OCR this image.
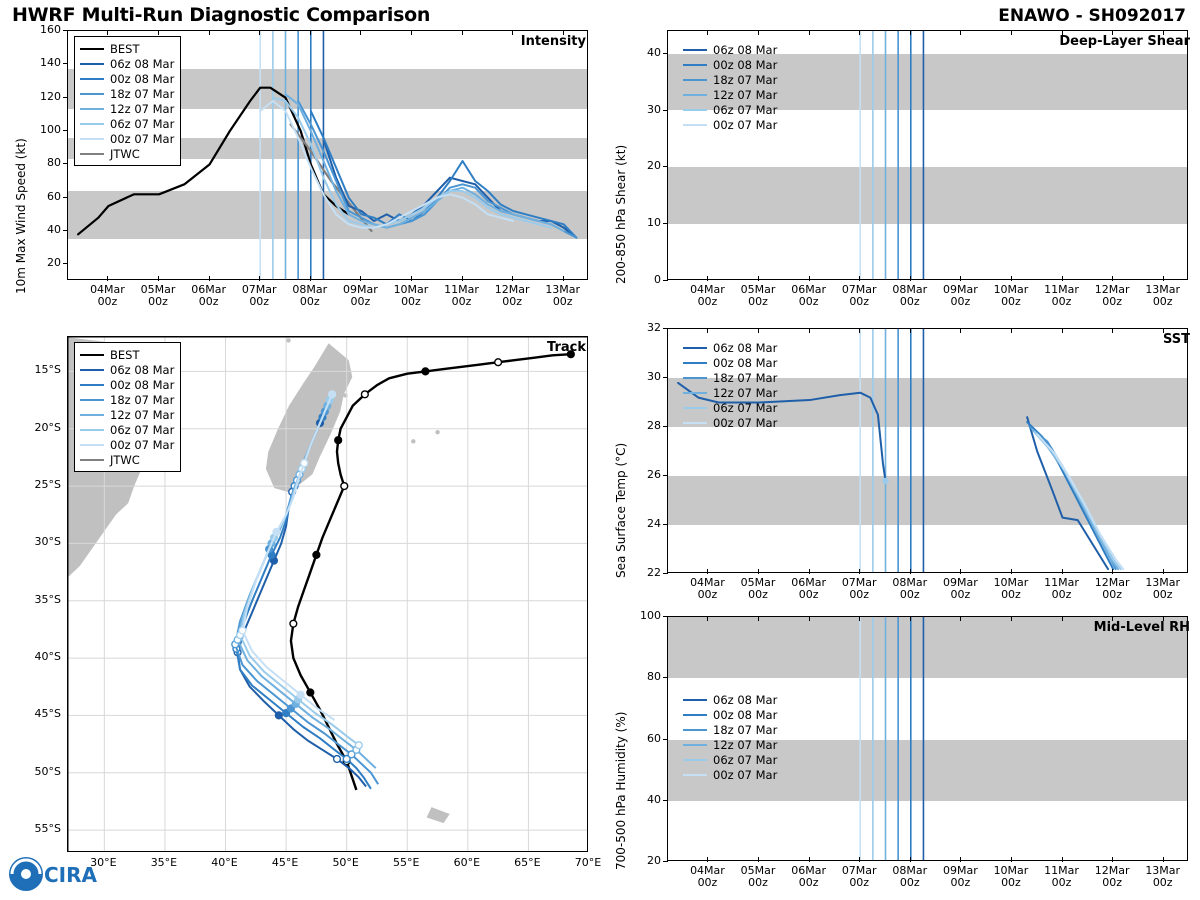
HWRF Multi-Run Diagnostic Comparison	ENAWO - SH092017
10m Max Wind Speed (kt)
Intensity
BEST
06z 08 Mar
00z 08 Mar
18z 07 Mar
12z 07 Mar
06z 07 Mar
00z 07 Mar
JTWC
20
40
60
80
100
120
140
160
04Mar
00z
05Mar
00z
06Mar
00z
07Mar
00z
08Mar
00z
09Mar
00z
10Mar
00z
11Mar
00z
12Mar
00z
13Mar
00z
Track
BEST
06z 08 Mar
00z 08 Mar
18z 07 Mar
12z 07 Mar
06z 07 Mar
00z 07 Mar
JTWC
15°S
20°S
25°S
30°S
35°S
40°S
45°S
50°S
55°S
30°E	35°E	40°E	45°E	50°E	55°E	60°E	65°E	70°E
200-850 hPa Shear (kt)
Deep-Layer Shear
06z 08 Mar
00z 08 Mar
18z 07 Mar
12z 07 Mar
06z 07 Mar
00z 07 Mar
0
10
20
30
40
04Mar
00z
05Mar
00z
06Mar
00z
07Mar
00z
08Mar
00z
09Mar
00z
10Mar
00z
11Mar
00z
12Mar
00z
13Mar
00z
Sea Surface Temp (°C)
SST
06z 08 Mar
00z 08 Mar
18z 07 Mar
12z 07 Mar
06z 07 Mar
00z 07 Mar
22
24
26
28
30
32
04Mar
00z
05Mar
00z
06Mar
00z
07Mar
00z
08Mar
00z
09Mar
00z
10Mar
00z
11Mar
00z
12Mar
00z
13Mar
00z
700-500 hPa Humidity (%)
Mid-Level RH
06z 08 Mar
00z 08 Mar
18z 07 Mar
12z 07 Mar
06z 07 Mar
00z 07 Mar
20
40
60
80
100
04Mar
00z
05Mar
00z
06Mar
00z
07Mar
00z
08Mar
00z
09Mar
00z
10Mar
00z
11Mar
00z
12Mar
00z
13Mar
00z
CIRA
